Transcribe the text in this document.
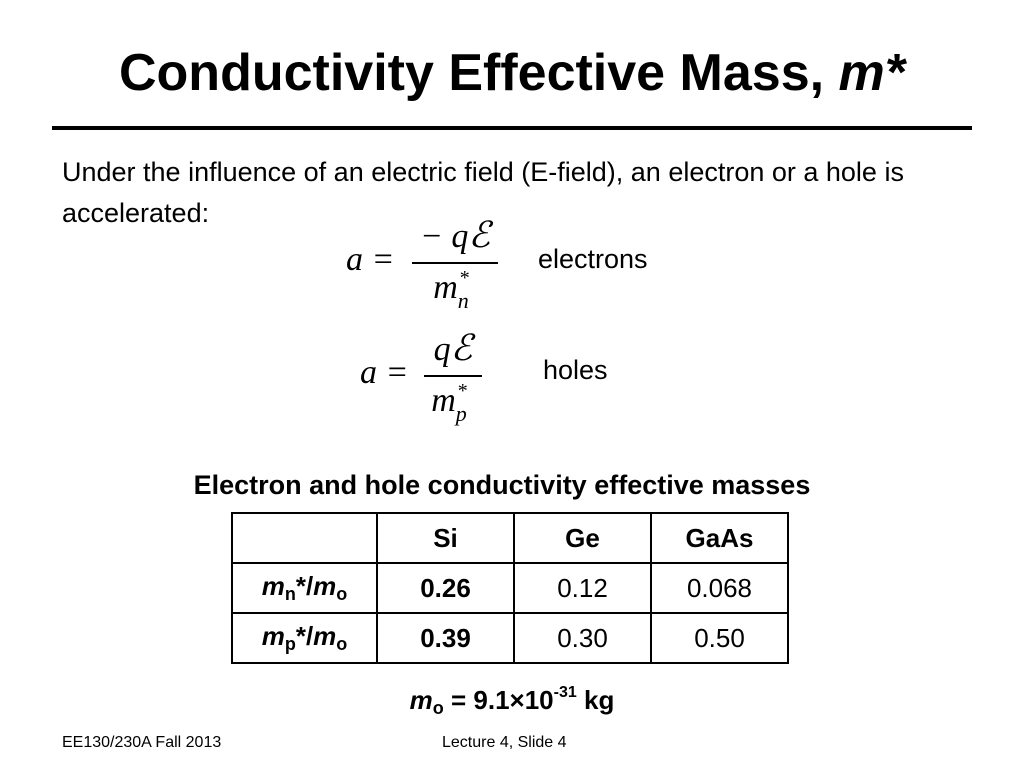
Conductivity Effective Mass, m*
Under the influence of an electric field (E-field), an electron or a hole is accelerated:
a =
− qℰ
m *$_n$
electrons
a =
qℰ
m *$_p$
holes
Electron and hole conductivity effective masses
	Si	Ge	GaAs
$m_n*/m_o$	0.26	0.12	0.068
$m_p*/m_o$	0.39	0.30	0.50
$m_o = 9.1\times 10^{-31}$ kg
EE130/230A Fall 2013	Lecture 4, Slide 4
